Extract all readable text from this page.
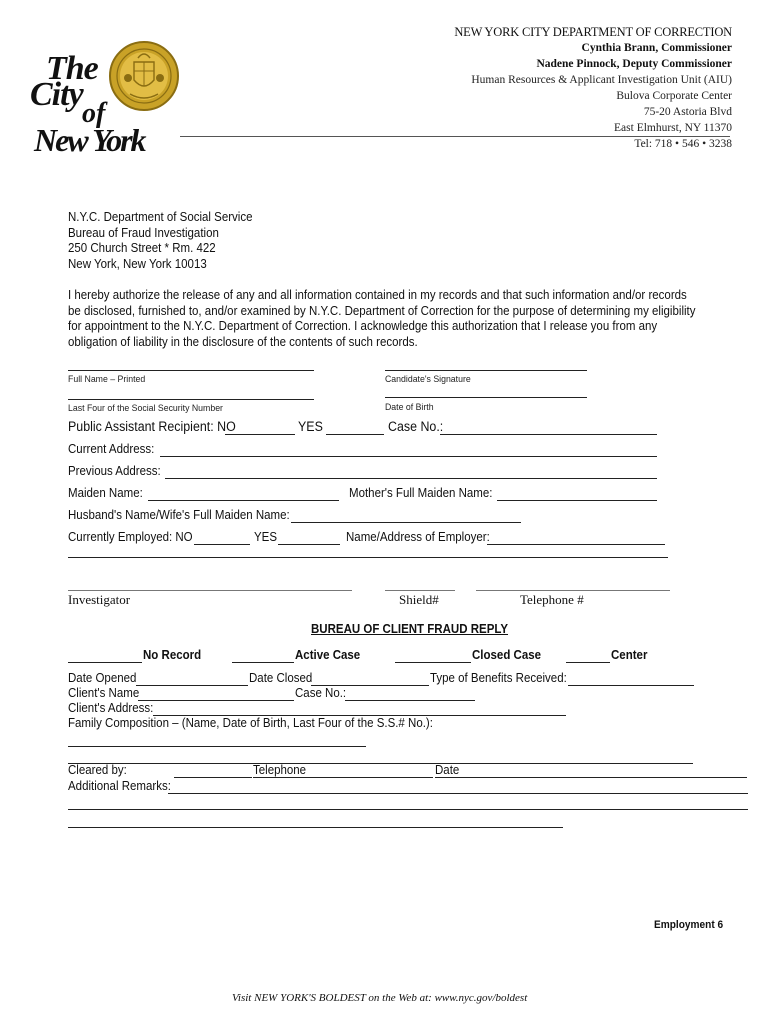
The
City
of
New York
NEW YORK CITY DEPARTMENT OF CORRECTION
Cynthia Brann, Commissioner
Nadene Pinnock, Deputy Commissioner
Human Resources & Applicant Investigation Unit (AIU)
Bulova Corporate Center
75-20 Astoria Blvd
East Elmhurst, NY 11370
Tel: 718 • 546 • 3238
N.Y.C. Department of Social Service
Bureau of Fraud Investigation
250 Church Street * Rm. 422
New York, New York 10013
I hereby authorize the release of any and all information contained in my records and that such information and/or records be disclosed, furnished to, and/or examined by N.Y.C. Department of Correction for the purpose of determining my eligibility for appointment to the N.Y.C. Department of Correction. I acknowledge this authorization that I release you from any obligation of liability in the disclosure of the contents of such records.
Full Name – Printed	Candidate's Signature
Last Four of the Social Security Number	Date of Birth
Public Assistant Recipient: NO	YES	Case No.:
Current Address:
Previous Address:
Maiden Name:	Mother's Full Maiden Name:
Husband's Name/Wife's Full Maiden Name:
Currently Employed: NO	YES	Name/Address of Employer:
Investigator	Shield#	Telephone #
BUREAU OF CLIENT FRAUD REPLY
No Record	Active Case	Closed Case	Center
Date Opened	Date Closed	Type of Benefits Received:
Client's Name	Case No.:
Client's Address:
Family Composition – (Name, Date of Birth, Last Four of the S.S.# No.):
Cleared by:	Telephone	Date
Additional Remarks:
Employment 6
Visit NEW YORK'S BOLDEST on the Web at: www.nyc.gov/boldest
